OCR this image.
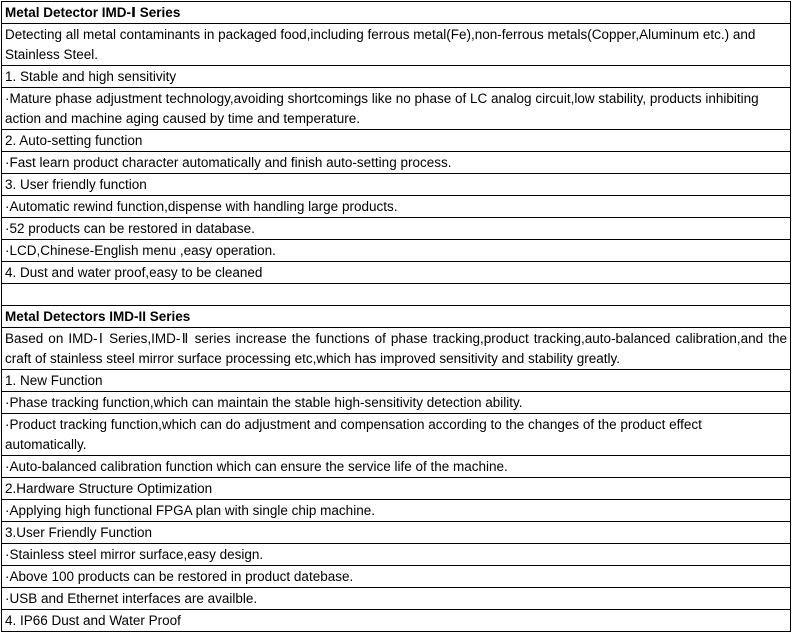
Metal Detector IMD-Ⅰ Series
Detecting all metal contaminants in packaged food,including ferrous metal(Fe),non-ferrous metals(Copper,Aluminum etc.) and Stainless Steel.
1. Stable and high sensitivity
·Mature phase adjustment technology,avoiding shortcomings like no phase of LC analog circuit,low stability, products inhibiting action and machine aging caused by time and temperature.
2. Auto-setting function
·Fast learn product character automatically and finish auto-setting process.
3. User friendly function
·Automatic rewind function,dispense with handling large products.
·52 products can be restored in database.
·LCD,Chinese-English menu ,easy operation.
4. Dust and water proof,easy to be cleaned

Metal Detectors IMD-II Series
Based on IMD-Ⅰ Series,IMD-Ⅱ series increase the functions of phase tracking,product tracking,auto-balanced calibration,and the craft of stainless steel mirror surface processing etc,which has improved sensitivity and stability greatly.
1. New Function
·Phase tracking function,which can maintain the stable high-sensitivity detection ability.
·Product tracking function,which can do adjustment and compensation according to the changes of the product effect automatically.
·Auto-balanced calibration function which can ensure the service life of the machine.
2.Hardware Structure Optimization
·Applying high functional FPGA plan with single chip machine.
3.User Friendly Function
·Stainless steel mirror surface,easy design.
·Above 100 products can be restored in product datebase.
·USB and Ethernet interfaces are availble.
4. IP66 Dust and Water Proof
